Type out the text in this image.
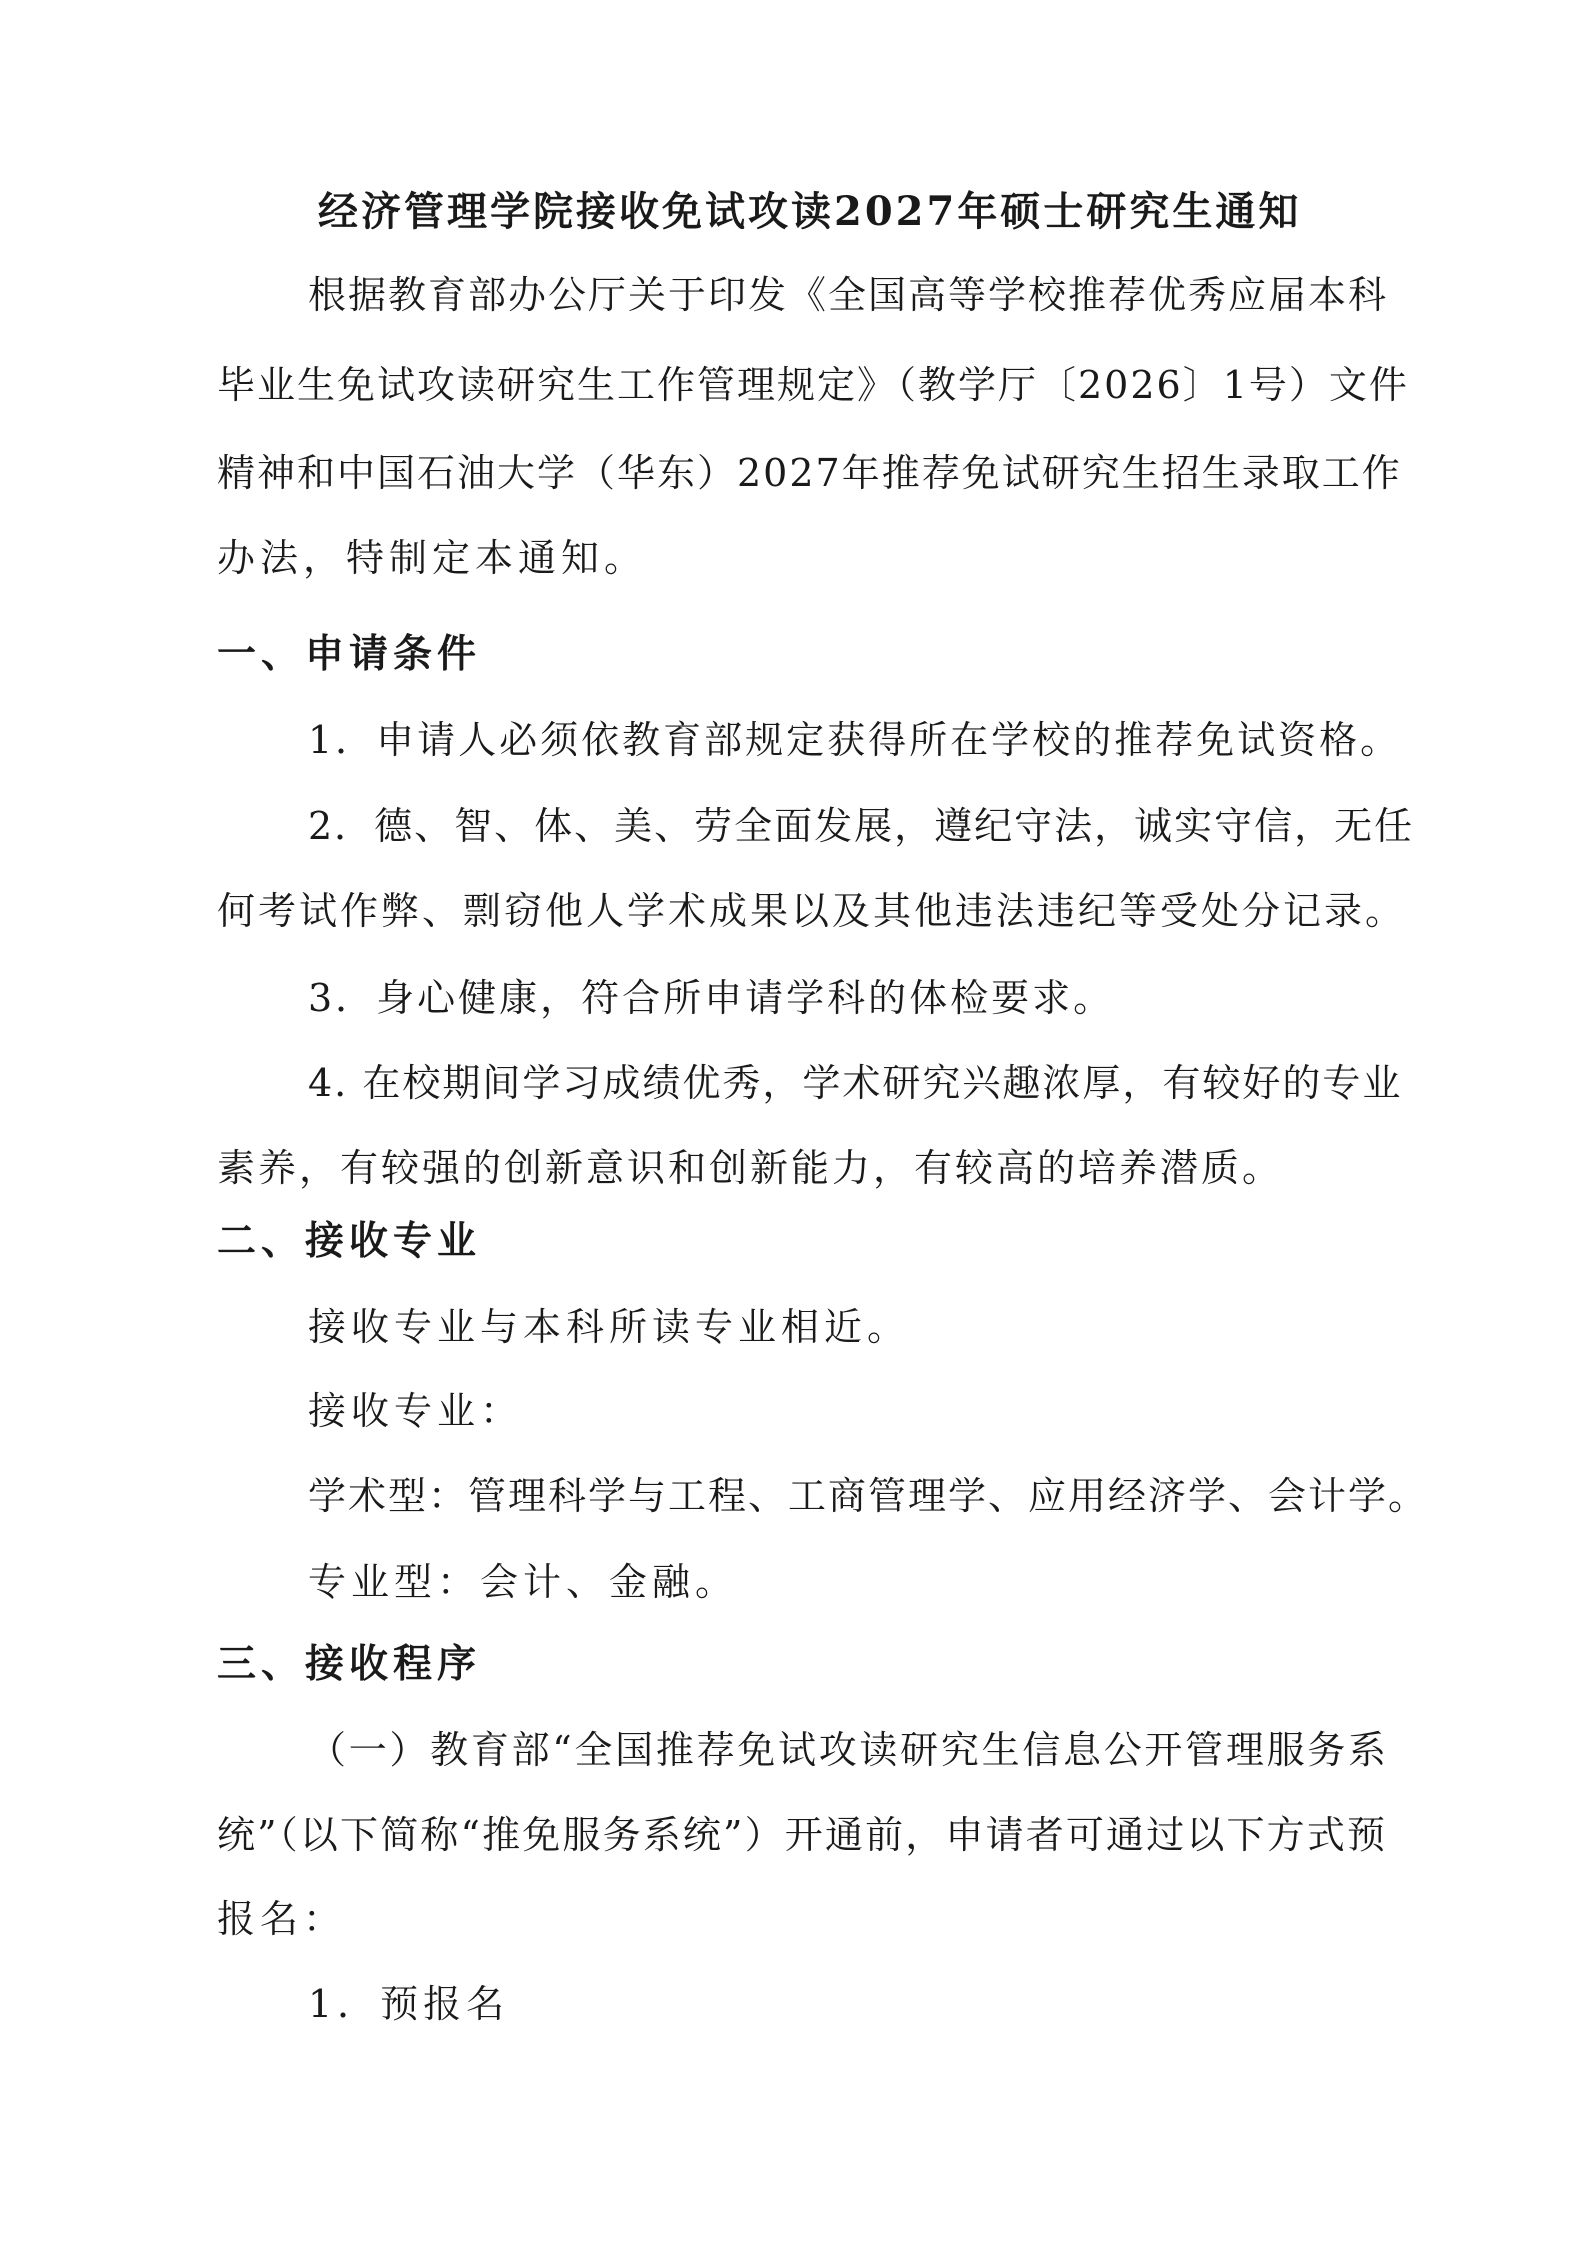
经济管理学院接收免试攻读2027年硕士研究生通知
根据教育部办公厅关于印发《全国高等学校推荐优秀应届本科
毕业生免试攻读研究生工作管理规定》（教学厅〔2026〕1号）文件
精神和中国石油大学（华东）2027年推荐免试研究生招生录取工作
办法，特制定本通知。
一、申请条件
1．申请人必须依教育部规定获得所在学校的推荐免试资格。
2．德、智、体、美、劳全面发展，遵纪守法，诚实守信，无任
何考试作弊、剽窃他人学术成果以及其他违法违纪等受处分记录。
3．身心健康，符合所申请学科的体检要求。
4. 在校期间学习成绩优秀，学术研究兴趣浓厚，有较好的专业
素养，有较强的创新意识和创新能力，有较高的培养潜质。
二、接收专业
接收专业与本科所读专业相近。
接收专业：
学术型：管理科学与工程、工商管理学、应用经济学、会计学。
专业型：会计、金融。
三、接收程序
（一）教育部“全国推荐免试攻读研究生信息公开管理服务系
统”（以下简称“推免服务系统”）开通前，申请者可通过以下方式预
报名：
1．预报名
